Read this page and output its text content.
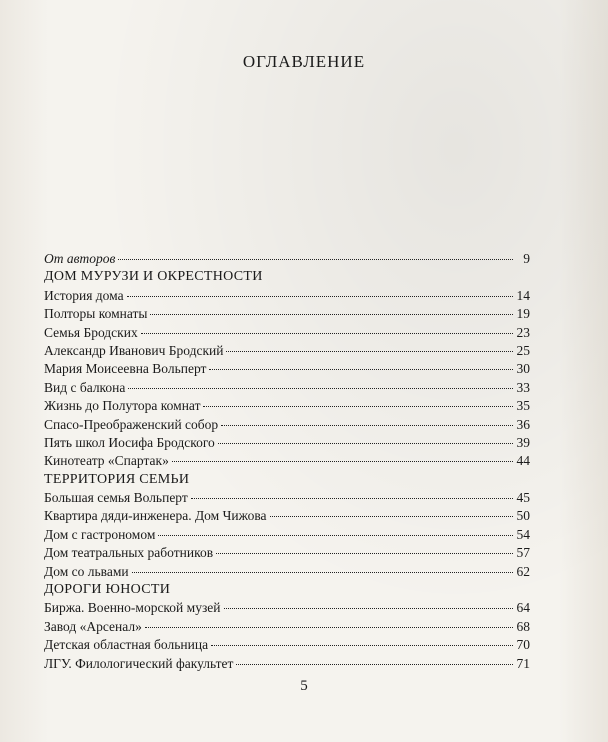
ОГЛАВЛЕНИЕ
От авторов	9
ДОМ МУРУЗИ И ОКРЕСТНОСТИ
История дома	14
Полторы комнаты	19
Семья Бродских	23
Александр Иванович Бродский	25
Мария Моисеевна Вольперт	30
Вид с балкона	33
Жизнь до Полутора комнат	35
Спасо-Преображенский собор	36
Пять школ Иосифа Бродского	39
Кинотеатр «Спартак»	44
ТЕРРИТОРИЯ СЕМЬИ
Большая семья Вольперт	45
Квартира дяди-инженера. Дом Чижова	50
Дом с гастрономом	54
Дом театральных работников	57
Дом со львами	62
ДОРОГИ ЮНОСТИ
Биржа. Военно-морской музей	64
Завод «Арсенал»	68
Детская областная больница	70
ЛГУ. Филологический факультет	71
5
